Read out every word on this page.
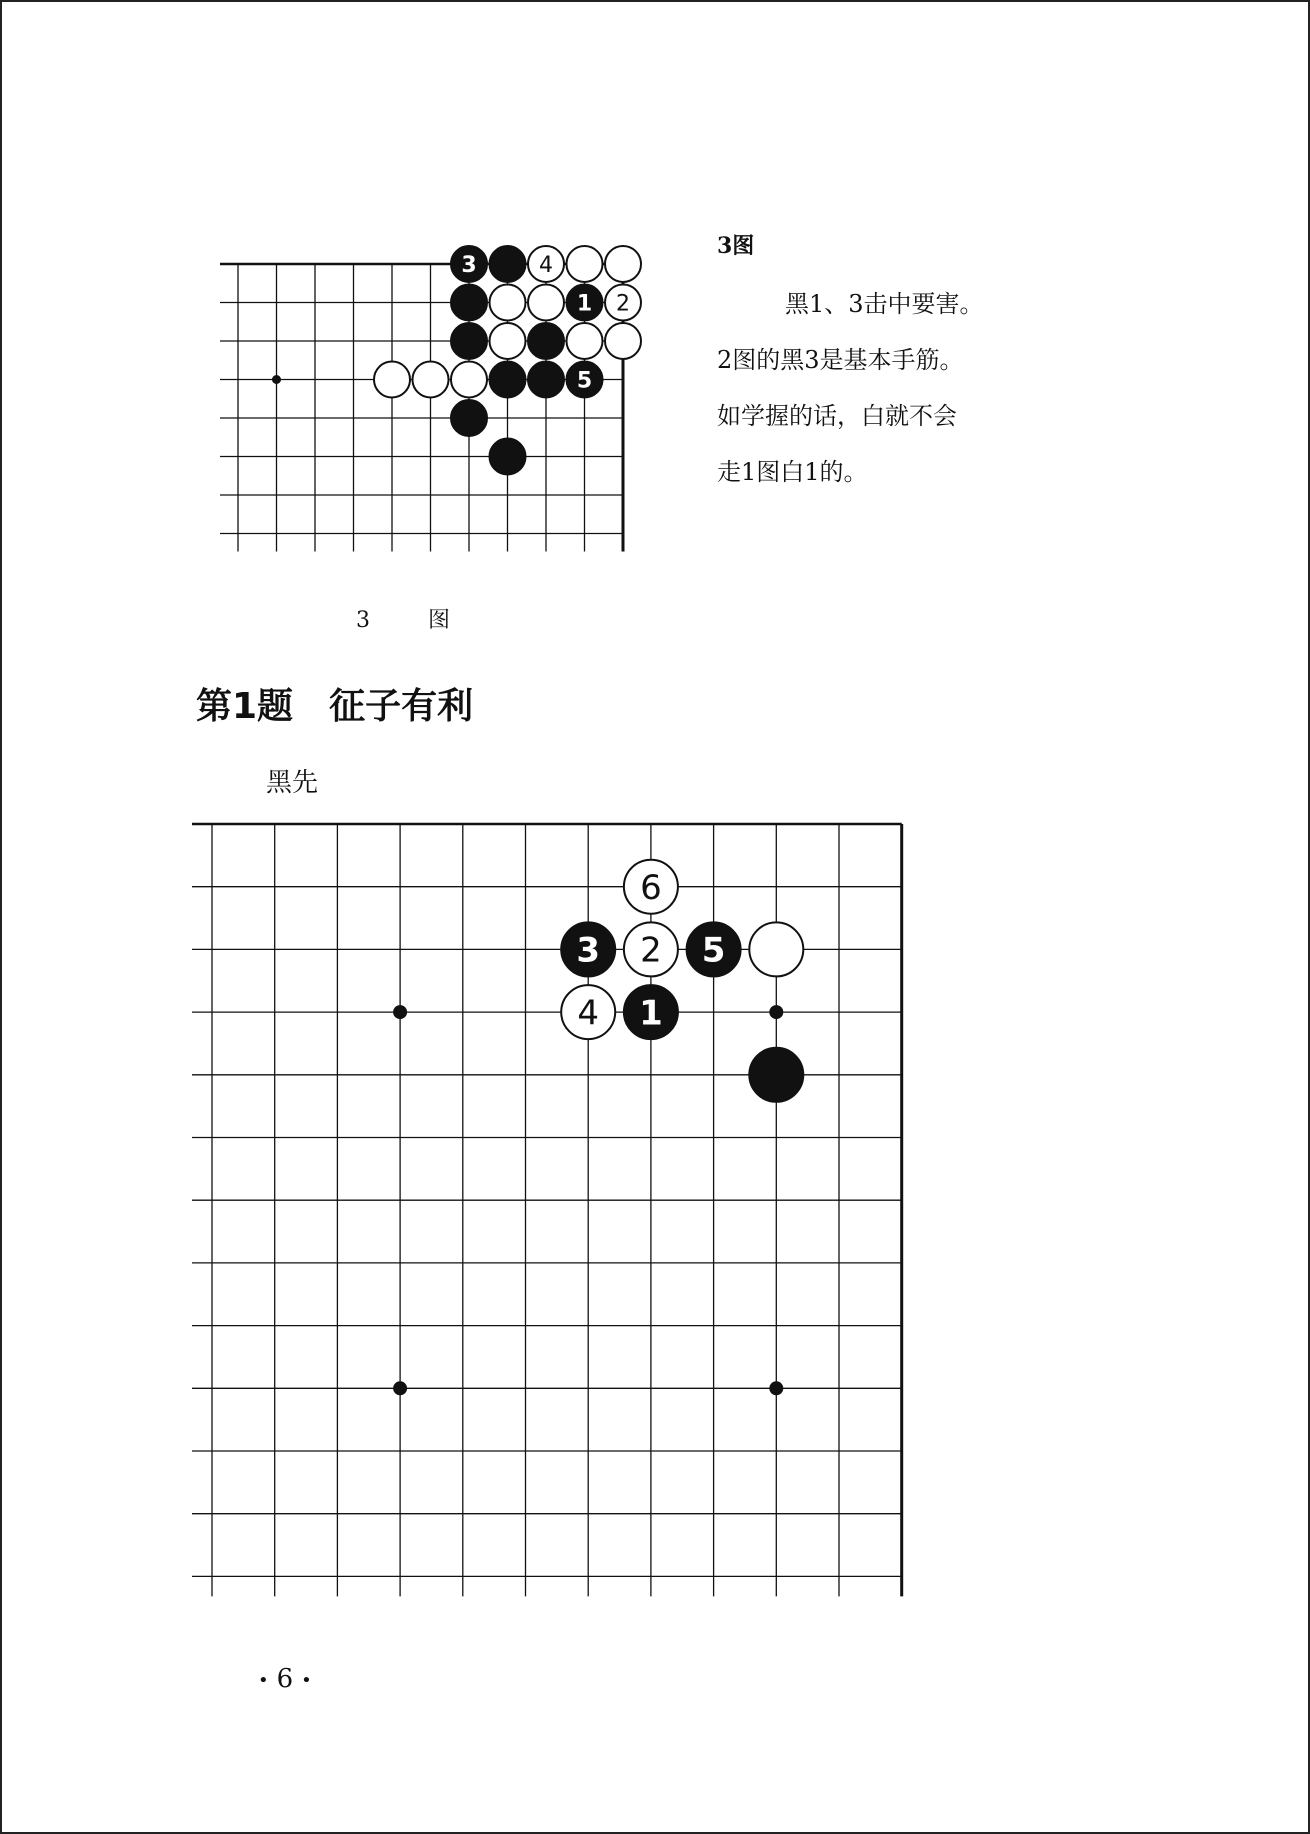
3	4
1 2
5
3　图
3图
黑1、3击中要害。
2图的黑3是基本手筋。
如学握的话，白就不会
走1图白1的。
第1题 征子有利
黑先
6
3 2 5
4 1
• 6 •
